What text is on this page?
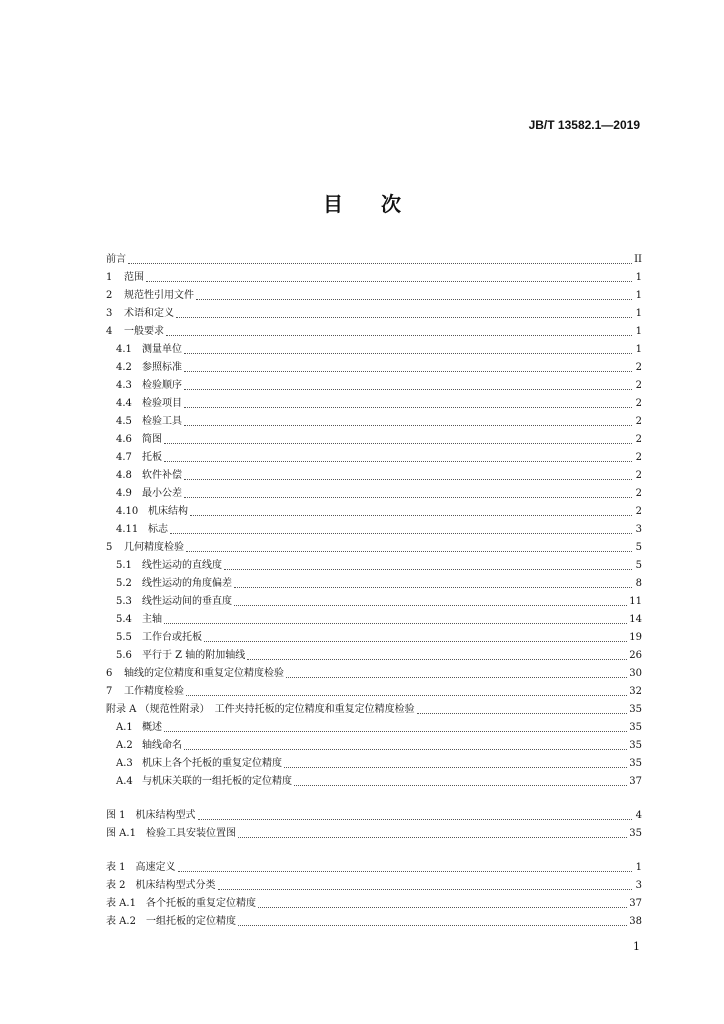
JB/T 13582.1—2019
目 次
前言	II
1	范围	1
2	规范性引用文件	1
3	术语和定义	1
4	一般要求	1
4.1	测量单位	1
4.2	参照标准	2
4.3	检验顺序	2
4.4	检验项目	2
4.5	检验工具	2
4.6	简图	2
4.7	托板	2
4.8	软件补偿	2
4.9	最小公差	2
4.10 机床结构	2
4.11 标志	3
5	几何精度检验	5
5.1	线性运动的直线度	5
5.2	线性运动的角度偏差	8
5.3	线性运动间的垂直度	11
5.4	主轴	14
5.5	工作台或托板	19
5.6	平行于 Z 轴的附加轴线	26
6	轴线的定位精度和重复定位精度检验	30
7	工作精度检验	32
附录 A （规范性附录）　工件夹持托板的定位精度和重复定位精度检验	35
A.1 概述	35
A.2 轴线命名	35
A.3 机床上各个托板的重复定位精度	35
A.4 与机床关联的一组托板的定位精度	37
图 1　机床结构型式	4
图 A.1　检验工具安装位置图	35
表 1　高速定义	1
表 2　机床结构型式分类	3
表 A.1　各个托板的重复定位精度	37
表 A.2　一组托板的定位精度	38
1
